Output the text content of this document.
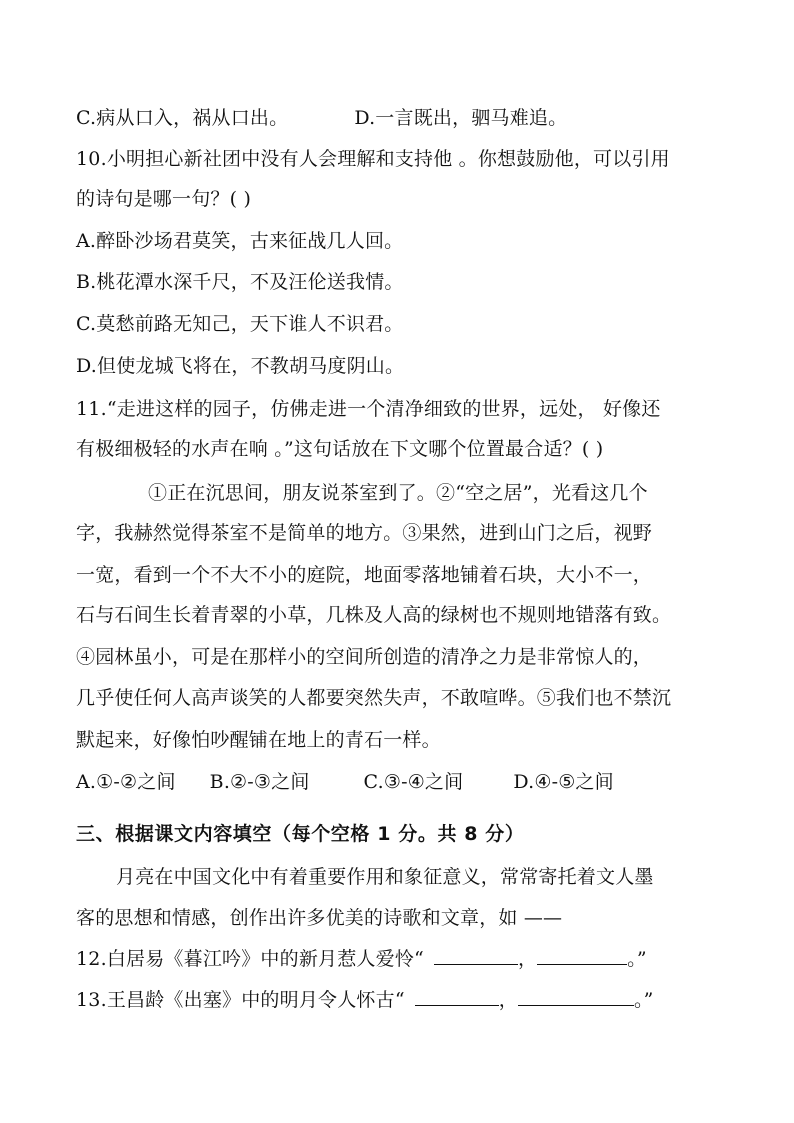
C.病从口入，祸从口出。	D.一言既出，驷马难追。
10.小明担心新社团中没有人会理解和支持他 。你想鼓励他，可以引用
的诗句是哪一句？( )
A.醉卧沙场君莫笑，古来征战几人回。
B.桃花潭水深千尺，不及汪伦送我情。
C.莫愁前路无知己，天下谁人不识君。
D.但使龙城飞将在，不教胡马度阴山。
11.“走进这样的园子，仿佛走进一个清净细致的世界，远处， 好像还
有极细极轻的水声在响 。”这句话放在下文哪个位置最合适？( )
①正在沉思间，朋友说茶室到了。②“空之居”，光看这几个
字，我赫然觉得茶室不是简单的地方。③果然，进到山门之后，视野
一宽，看到一个不大不小的庭院，地面零落地铺着石块，大小不一，
石与石间生长着青翠的小草，几株及人高的绿树也不规则地错落有致。
④园林虽小，可是在那样小的空间所创造的清净之力是非常惊人的，
几乎使任何人高声谈笑的人都要突然失声，不敢喧哗。⑤我们也不禁沉
默起来，好像怕吵醒铺在地上的青石一样。
A.①-②之间 B.②-③之间	C.③-④之间	D.④-⑤之间
三、根据课文内容填空（每个空格 1 分。共 8 分）
月亮在中国文化中有着重要作用和象征意义，常常寄托着文人墨
客的思想和情感，创作出许多优美的诗歌和文章，如 ——
12.白居易《暮江吟》中的新月惹人爱怜“	，	。”
13.王昌龄《出塞》中的明月令人怀古“	，	。”
